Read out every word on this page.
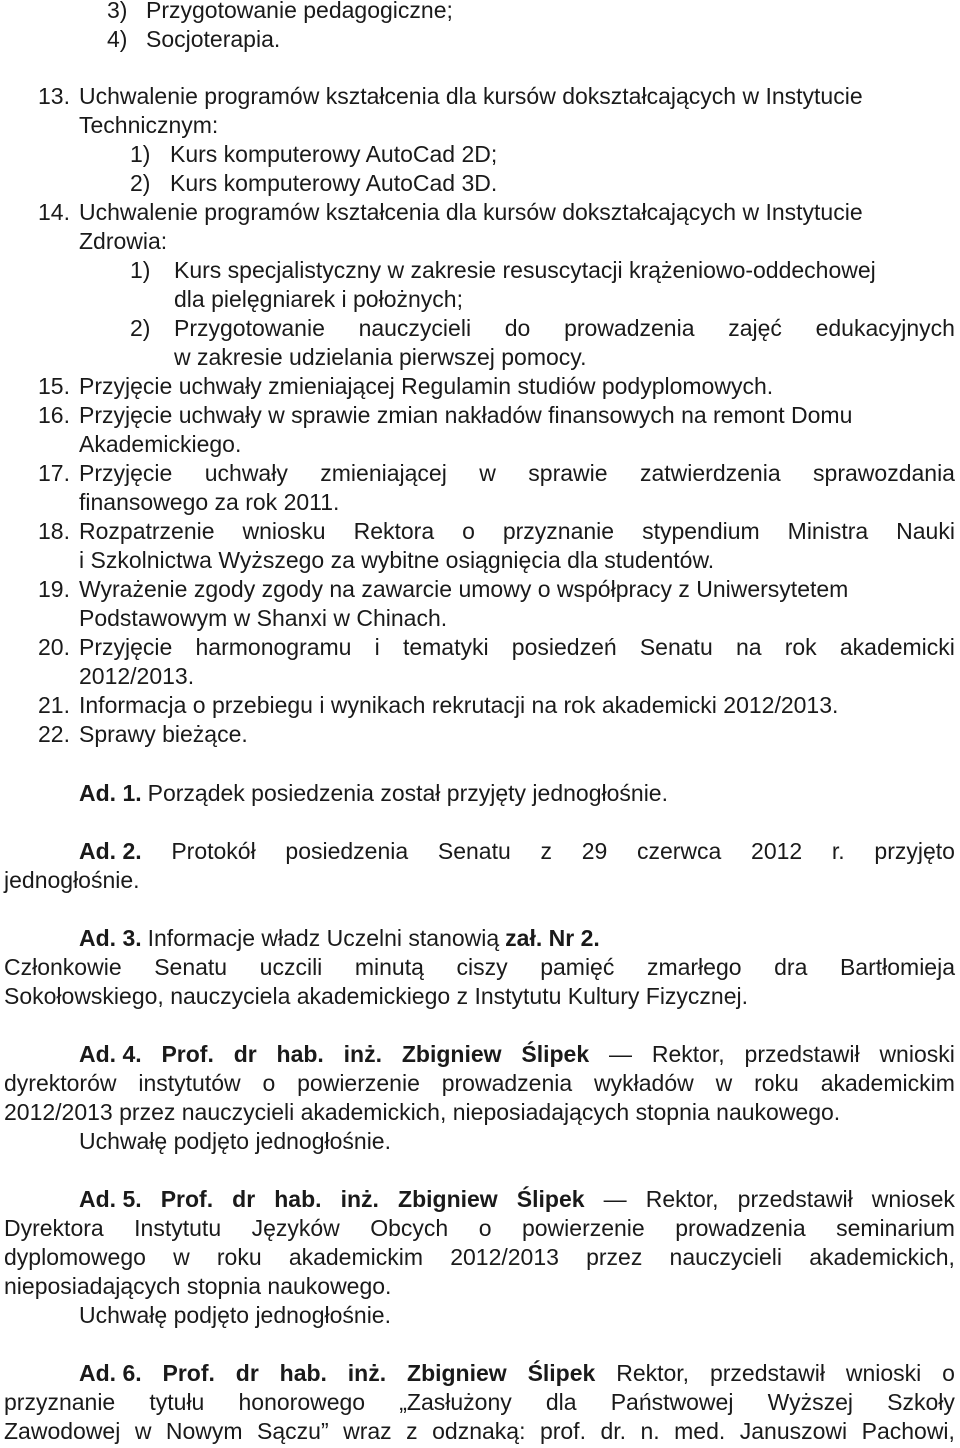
3) Przygotowanie pedagogiczne;
4) Socjoterapia.
13. Uchwalenie programów kształcenia dla kursów dokształcających w Instytucie
Technicznym:
1) Kurs komputerowy AutoCad 2D;
2) Kurs komputerowy AutoCad 3D.
14. Uchwalenie programów kształcenia dla kursów dokształcających w Instytucie
Zdrowia:
1) Kurs specjalistyczny w zakresie resuscytacji krążeniowo-oddechowej
dla pielęgniarek i położnych;
2) Przygotowanie nauczycieli do prowadzenia zajęć edukacyjnych
w zakresie udzielania pierwszej pomocy.
15. Przyjęcie uchwały zmieniającej Regulamin studiów podyplomowych.
16. Przyjęcie uchwały w sprawie zmian nakładów finansowych na remont Domu
Akademickiego.
17. Przyjęcie uchwały zmieniającej w sprawie zatwierdzenia sprawozdania
finansowego za rok 2011.
18. Rozpatrzenie wniosku Rektora o przyznanie stypendium Ministra Nauki
i Szkolnictwa Wyższego za wybitne osiągnięcia dla studentów.
19. Wyrażenie zgody zgody na zawarcie umowy o współpracy z Uniwersytetem
Podstawowym w Shanxi w Chinach.
20. Przyjęcie harmonogramu i tematyki posiedzeń Senatu na rok akademicki
2012/2013.
21. Informacja o przebiegu i wynikach rekrutacji na rok akademicki 2012/2013.
22. Sprawy bieżące.
Ad. 1. Porządek posiedzenia został przyjęty jednogłośnie.
Ad. 2. Protokół posiedzenia Senatu z 29 czerwca 2012 r. przyjęto
jednogłośnie.
Ad. 3. Informacje władz Uczelni stanowią zał. Nr 2.
Członkowie Senatu uczcili minutą ciszy pamięć zmarłego dra Bartłomieja
Sokołowskiego, nauczyciela akademickiego z Instytutu Kultury Fizycznej.
Ad. 4. Prof. dr hab. inż. Zbigniew Ślipek — Rektor, przedstawił wnioski
dyrektorów instytutów o powierzenie prowadzenia wykładów w roku akademickim
2012/2013 przez nauczycieli akademickich, nieposiadających stopnia naukowego.
Uchwałę podjęto jednogłośnie.
Ad. 5. Prof. dr hab. inż. Zbigniew Ślipek — Rektor, przedstawił wniosek
Dyrektora Instytutu Języków Obcych o powierzenie prowadzenia seminarium
dyplomowego w roku akademickim 2012/2013 przez nauczycieli akademickich,
nieposiadających stopnia naukowego.
Uchwałę podjęto jednogłośnie.
Ad. 6. Prof. dr hab. inż. Zbigniew Ślipek Rektor, przedstawił wnioski o
przyznanie tytułu honorowego „Zasłużony dla Państwowej Wyższej Szkoły
Zawodowej w Nowym Sączu” wraz z odznaką: prof. dr. n. med. Januszowi Pachowi,
